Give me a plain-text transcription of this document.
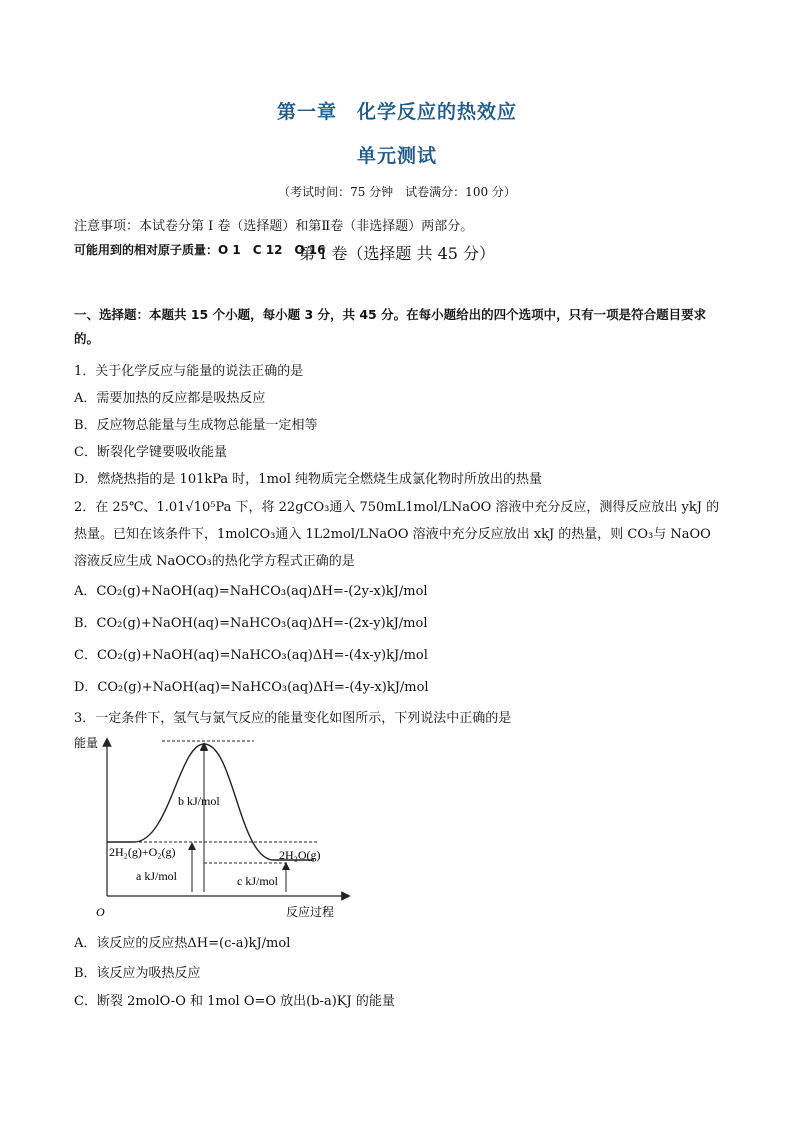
第一章　化学反应的热效应
单元测试
（考试时间：75 分钟　试卷满分：100 分）
注意事项：本试卷分第 I 卷（选择题）和第Ⅱ卷（非选择题）两部分。
可能用到的相对原子质量：O 1　C 12　O 16
第 I 卷（选择题 共 45 分）
一、选择题：本题共 15 个小题，每小题 3 分，共 45 分。在每小题给出的四个选项中，只有一项是符合题目要求的。
1．关于化学反应与能量的说法正确的是
A．需要加热的反应都是吸热反应
B．反应物总能量与生成物总能量一定相等
C．断裂化学键要吸收能量
D．燃烧热指的是 101kPa 时，1mol 纯物质完全燃烧生成氯化物时所放出的热量
2．在 25℃、1.01√10⁵Pa 下，将 22gCO₃通入 750mL1mol/LNaOO 溶液中充分反应，测得反应放出 ykJ 的热量。已知在该条件下，1molCO₃通入 1L2mol/LNaOO 溶液中充分反应放出 xkJ 的热量，则 CO₃与 NaOO 溶液反应生成 NaOCO₃的热化学方程式正确的是
A．CO₂(g)+NaOH(aq)=NaHCO₃(aq)ΔH=-(2y-x)kJ/mol
B．CO₂(g)+NaOH(aq)=NaHCO₃(aq)ΔH=-(2x-y)kJ/mol
C．CO₂(g)+NaOH(aq)=NaHCO₃(aq)ΔH=-(4x-y)kJ/mol
D．CO₂(g)+NaOH(aq)=NaHCO₃(aq)ΔH=-(4y-x)kJ/mol
3．一定条件下，氢气与氯气反应的能量变化如图所示，下列说法中正确的是
能量
反应过程
O
b kJ/mol
2H₂(g)+O₂(g)	2H₂O(g)
a kJ/mol	c kJ/mol
A．该反应的反应热ΔH=(c-a)kJ/mol
B．该反应为吸热反应
C．断裂 2molO-O 和 1mol O=O 放出(b-a)KJ 的能量
